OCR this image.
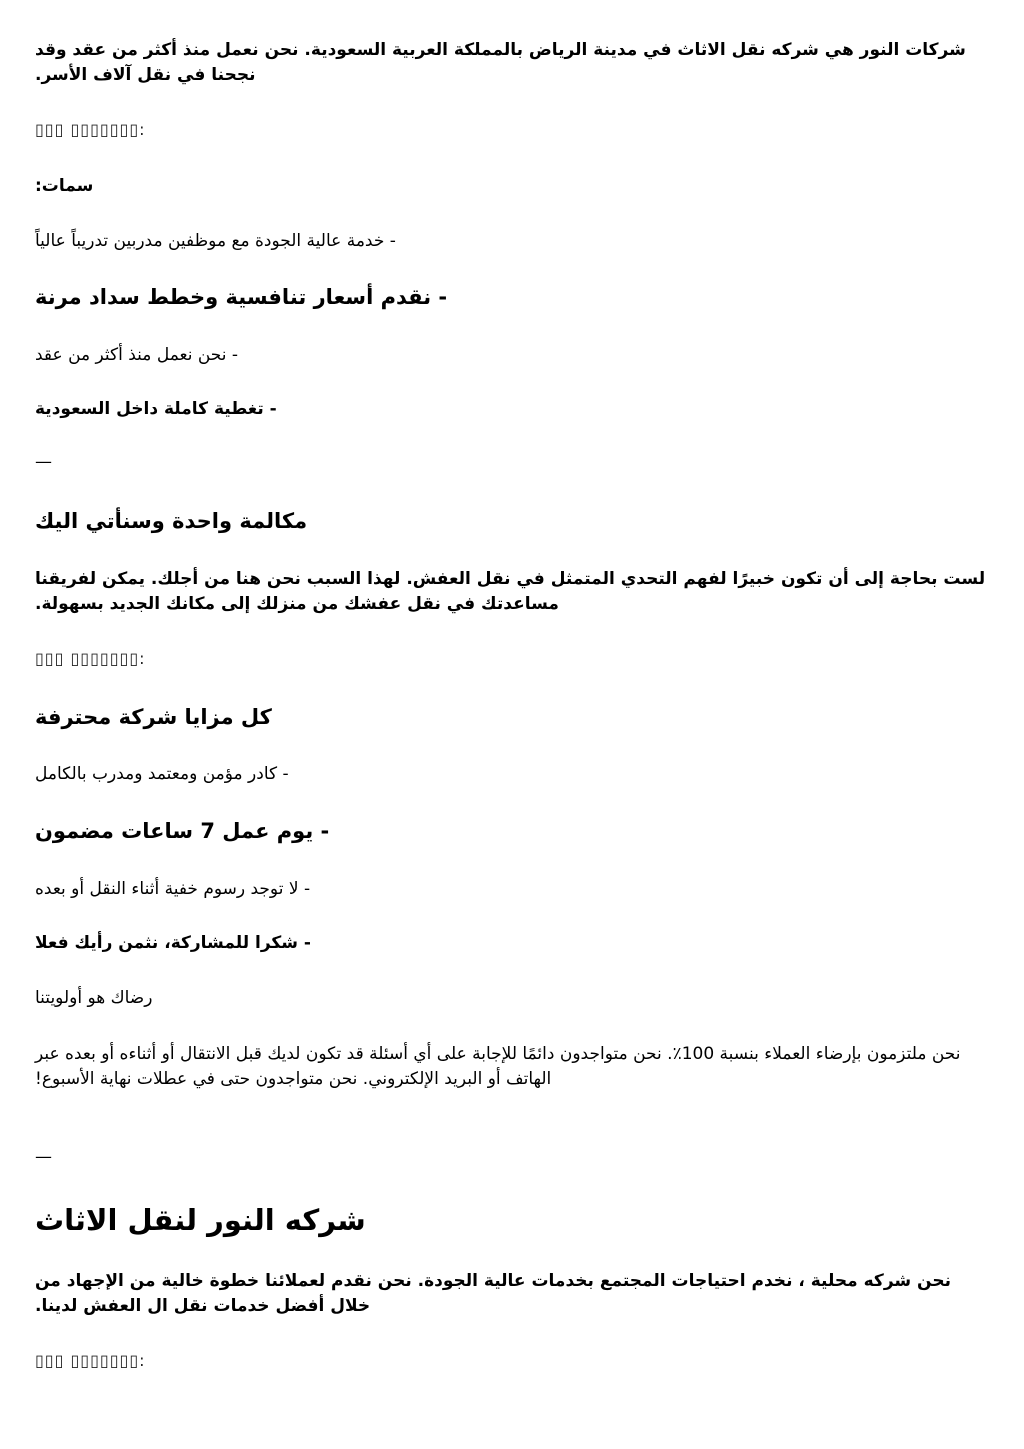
شركات النور هي شركه نقل الاثاث في مدينة الرياض بالمملكة العربية السعودية. نحن نعمل منذ أكثر من عقد وقد نجحنا في نقل آلاف الأسر.
▯▯▯ ▯▯▯▯▯▯▯:
سمات:
- خدمة عالية الجودة مع موظفين مدربين تدريباً عالياً
- نقدم أسعار تنافسية وخطط سداد مرنة
- نحن نعمل منذ أكثر من عقد
- تغطية كاملة داخل السعودية
—
مكالمة واحدة وسنأتي اليك
لست بحاجة إلى أن تكون خبيرًا لفهم التحدي المتمثل في نقل العفش. لهذا السبب نحن هنا من أجلك. يمكن لفريقنا مساعدتك في نقل عفشك من منزلك إلى مكانك الجديد بسهولة.
▯▯▯ ▯▯▯▯▯▯▯:
كل مزايا شركة محترفة
- كادر مؤمن ومعتمد ومدرب بالكامل
- يوم عمل 7 ساعات مضمون
- لا توجد رسوم خفية أثناء النقل أو بعده
- شكرا للمشاركة، نثمن رأيك فعلا
رضاك هو أولويتنا
نحن ملتزمون بإرضاء العملاء بنسبة 100٪. نحن متواجدون دائمًا للإجابة على أي أسئلة قد تكون لديك قبل الانتقال أو أثناءه أو بعده عبر الهاتف أو البريد الإلكتروني. نحن متواجدون حتى في عطلات نهاية الأسبوع!
—
شركه النور لنقل الاثاث
نحن شركه محلية ، نخدم احتياجات المجتمع بخدمات عالية الجودة. نحن نقدم لعملائنا خطوة خالية من الإجهاد من خلال أفضل خدمات نقل ال العفش لدينا.
▯▯▯ ▯▯▯▯▯▯▯:
